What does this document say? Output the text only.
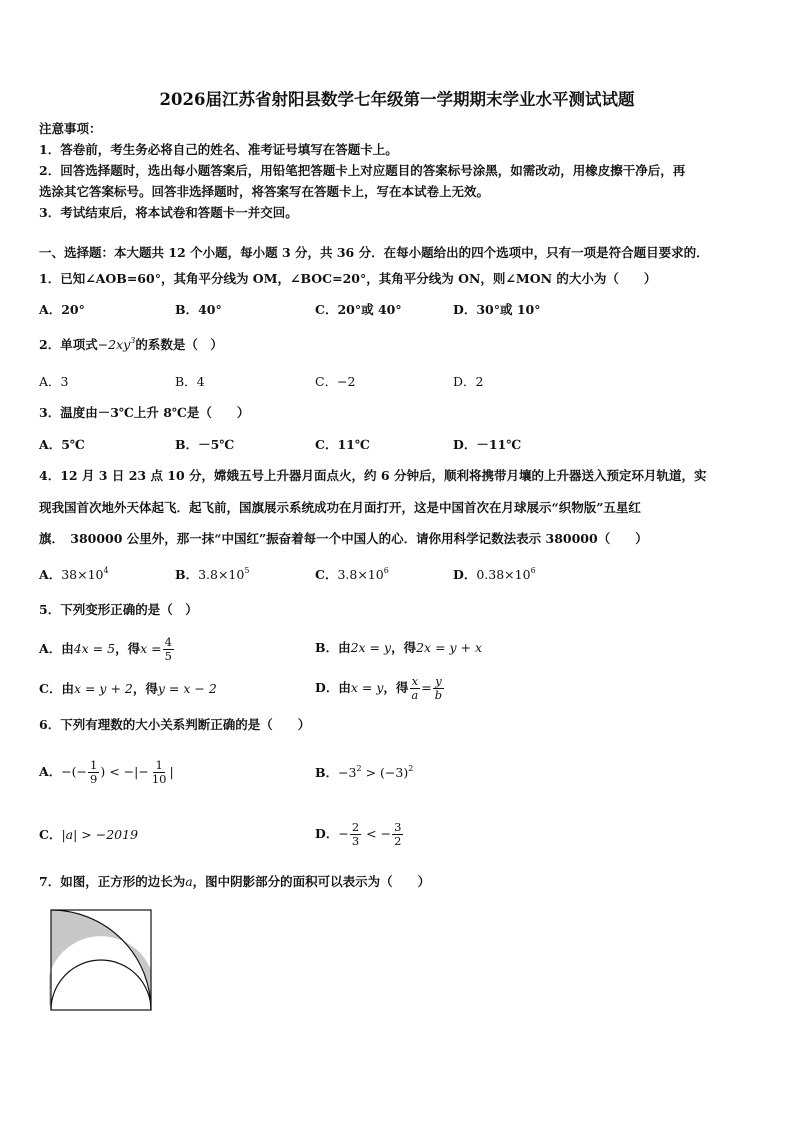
2026届江苏省射阳县数学七年级第一学期期末学业水平测试试题
注意事项：
1．答卷前，考生务必将自己的姓名、准考证号填写在答题卡上。
2．回答选择题时，选出每小题答案后，用铅笔把答题卡上对应题目的答案标号涂黑，如需改动，用橡皮擦干净后，再
选涂其它答案标号。回答非选择题时，将答案写在答题卡上，写在本试卷上无效。
3．考试结束后，将本试卷和答题卡一并交回。
一、选择题：本大题共 12 个小题，每小题 3 分，共 36 分．在每小题给出的四个选项中，只有一项是符合题目要求的．
1．已知∠AOB=60°，其角平分线为 OM，∠BOC=20°，其角平分线为 ON，则∠MON 的大小为（　　）
A．20°	B．40°	C．20°或 40°	D．30°或 10°
2．单项式$-2xy^3$的系数是（　）
A．3	B．4	C．−2	D．2
3．温度由－3℃上升 8℃是（　　）
A．5℃	B．－5℃	C．11℃	D．－11℃
4．12 月 3 日 23 点 10 分，嫦娥五号上升器月面点火，约 6 分钟后，顺利将携带月壤的上升器送入预定环月轨道，实
现我国首次地外天体起飞．起飞前，国旗展示系统成功在月面打开，这是中国首次在月球展示“织物版”五星红
旗．　380000 公里外，那一抹“中国红”振奋着每一个中国人的心．请你用科学记数法表示 380000（　　）
A．$38\times 10^4$	B．$3.8\times 10^5$	C．$3.8\times 10^6$	D．$0.38\times 10^6$
5．下列变形正确的是（　）
A．由4x = 5，得$x = \frac{4}{5}$	B．由2x = y，得2x = y + x
C．由x = y + 2，得y = x − 2	D．由x = y，得 $\frac{x}{a} = \frac{y}{b}$
6．下列有理数的大小关系判断正确的是（　　）
A．−(− $\frac{1}{9}$ ) < −|− $\frac{1}{10}$ |	B．$-3^2 > (-3)^2$
C．|a| > −2019	D．− $\frac{2}{3}$ < − $\frac{3}{2}$
7．如图，正方形的边长为a，图中阴影部分的面积可以表示为（　　）
